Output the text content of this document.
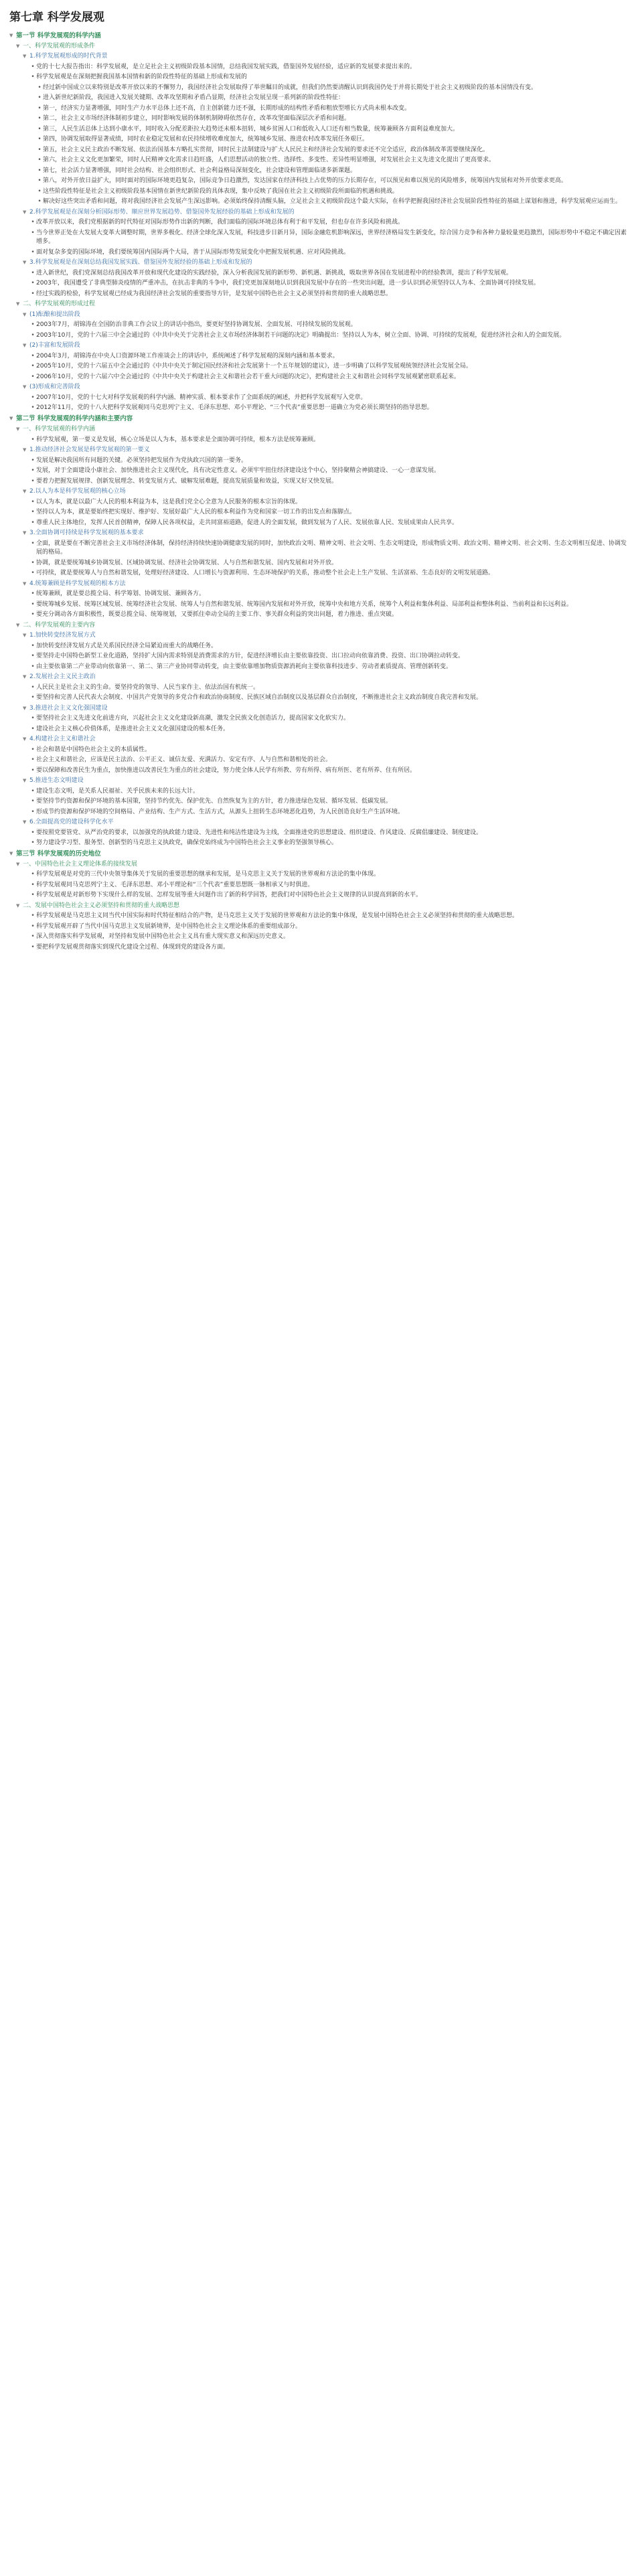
第七章 科学发展观
▼ 第一节 科学发展观的科学内涵
▼ 一、科学发展观的形成条件
▼ 1.科学发展观形成的时代背景
• 党的十七大报告指出：科学发展观，是立足社会主义初级阶段基本国情，总结我国发展实践，借鉴国外发展经验，适应新的发展要求提出来的。
• 科学发展观是在深刻把握我国基本国情和新的阶段性特征的基础上形成和发展的
• 经过新中国成立以来特别是改革开放以来的不懈努力，我国经济社会发展取得了举世瞩目的成就，但我们仍然要清醒认识到我国仍处于并将长期处于社会主义初级阶段的基本国情没有变。
• 进入新世纪新阶段，我国进入发展关键期、改革攻坚期和矛盾凸显期，经济社会发展呈现一系列新的阶段性特征：
• 第一，经济实力显著增强，同时生产力水平总体上还不高，自主创新能力还不强，长期形成的结构性矛盾和粗放型增长方式尚未根本改变。
• 第二，社会主义市场经济体制初步建立，同时影响发展的体制机制障碍依然存在，改革攻坚面临深层次矛盾和问题。
• 第三，人民生活总体上达到小康水平，同时收入分配差距拉大趋势还未根本扭转，城乡贫困人口和低收入人口还有相当数量，统筹兼顾各方面利益难度加大。
• 第四，协调发展取得显著成绩，同时农业稳定发展和农民持续增收难度加大，统筹城乡发展、推进农村改革发展任务艰巨。
• 第五，社会主义民主政治不断发展、依法治国基本方略扎实贯彻，同时民主法制建设与扩大人民民主和经济社会发展的要求还不完全适应，政治体制改革需要继续深化。
• 第六，社会主义文化更加繁荣，同时人民精神文化需求日趋旺盛，人们思想活动的独立性、选择性、多变性、差异性明显增强，对发展社会主义先进文化提出了更高要求。
• 第七，社会活力显著增强，同时社会结构、社会组织形式、社会利益格局深刻变化，社会建设和管理面临诸多新课题。
• 第八，对外开放日益扩大，同时面对的国际环境更趋复杂，国际竞争日趋激烈，发达国家在经济科技上占优势的压力长期存在，可以预见和难以预见的风险增多，统筹国内发展和对外开放要求更高。
• 这些阶段性特征是社会主义初级阶段基本国情在新世纪新阶段的具体表现，集中反映了我国在社会主义初级阶段所面临的机遇和挑战。
• 解决好这些突出矛盾和问题，将对我国经济社会发展产生深远影响。必须始终保持清醒头脑，立足社会主义初级阶段这个最大实际，在科学把握我国经济社会发展阶段性特征的基础上谋划和推进，科学发展观应运而生。
▼ 2.科学发展观是在深刻分析国际形势、顺应世界发展趋势、借鉴国外发展经验的基础上形成和发展的
• 改革开放以来，我们党根据新的时代特征对国际形势作出新的判断，我们面临的国际环境总体有利于和平发展，但也存在许多风险和挑战。
• 当今世界正处在大发展大变革大调整时期，世界多极化、经济全球化深入发展，科技进步日新月异，国际金融危机影响深远，世界经济格局发生新变化，综合国力竞争和各种力量较量更趋激烈，国际形势中不稳定不确定因素增多。
• 面对复杂多变的国际环境，我们要统筹国内国际两个大局，善于从国际形势发展变化中把握发展机遇、应对风险挑战。
▼ 3.科学发展观是在深刻总结我国发展实践、借鉴国外发展经验的基础上形成和发展的
• 进入新世纪，我们党深刻总结我国改革开放和现代化建设的实践经验，深入分析我国发展的新形势、新机遇、新挑战，吸取世界各国在发展进程中的经验教训，提出了科学发展观。
• 2003年，我国遭受了非典型肺炎疫情的严重冲击，在抗击非典的斗争中，我们党更加深刻地认识到我国发展中存在的一些突出问题，进一步认识到必须坚持以人为本、全面协调可持续发展。
• 经过实践的检验，科学发展观已经成为我国经济社会发展的重要指导方针，是发展中国特色社会主义必须坚持和贯彻的重大战略思想。
▼ 二、科学发展观的形成过程
▼ (1)酝酿和提出阶段
• 2003年7月，胡锦涛在全国防治非典工作会议上的讲话中指出，要更好坚持协调发展、全面发展、可持续发展的发展观。
• 2003年10月，党的十六届三中全会通过的《中共中央关于完善社会主义市场经济体制若干问题的决定》明确提出：坚持以人为本，树立全面、协调、可持续的发展观，促进经济社会和人的全面发展。
▼ (2)丰富和发展阶段
• 2004年3月，胡锦涛在中央人口资源环境工作座谈会上的讲话中，系统阐述了科学发展观的深刻内涵和基本要求。
• 2005年10月，党的十六届五中全会通过的《中共中央关于制定国民经济和社会发展第十一个五年规划的建议》，进一步明确了以科学发展观统领经济社会发展全局。
• 2006年10月，党的十六届六中全会通过的《中共中央关于构建社会主义和谐社会若干重大问题的决定》，把构建社会主义和谐社会同科学发展观紧密联系起来。
▼ (3)形成和完善阶段
• 2007年10月，党的十七大对科学发展观的科学内涵、精神实质、根本要求作了全面系统的阐述，并把科学发展观写入党章。
• 2012年11月，党的十八大把科学发展观同马克思列宁主义、毛泽东思想、邓小平理论、“三个代表”重要思想一道确立为党必须长期坚持的指导思想。
▼ 第二节 科学发展观的科学内涵和主要内容
▼ 一、科学发展观的科学内涵
• 科学发展观，第一要义是发展，核心立场是以人为本，基本要求是全面协调可持续，根本方法是统筹兼顾。
▼ 1.推动经济社会发展是科学发展观的第一要义
• 发展是解决我国所有问题的关键。必须坚持把发展作为党执政兴国的第一要务。
• 发展，对于全面建设小康社会、加快推进社会主义现代化，具有决定性意义。必须牢牢扭住经济建设这个中心，坚持聚精会神搞建设、一心一意谋发展。
• 要着力把握发展规律、创新发展理念、转变发展方式、破解发展难题，提高发展质量和效益，实现又好又快发展。
▼ 2.以人为本是科学发展观的核心立场
• 以人为本，就是以最广大人民的根本利益为本，这是我们党全心全意为人民服务的根本宗旨的体现。
• 坚持以人为本，就是要始终把实现好、维护好、发展好最广大人民的根本利益作为党和国家一切工作的出发点和落脚点。
• 尊重人民主体地位，发挥人民首创精神，保障人民各项权益，走共同富裕道路，促进人的全面发展，做到发展为了人民、发展依靠人民、发展成果由人民共享。
▼ 3.全面协调可持续是科学发展观的基本要求
• 全面，就是要在不断完善社会主义市场经济体制，保持经济持续快速协调健康发展的同时，加快政治文明、精神文明、社会文明、生态文明建设，形成物质文明、政治文明、精神文明、社会文明、生态文明相互促进、协调发展的格局。
• 协调，就是要统筹城乡协调发展、区域协调发展、经济社会协调发展、人与自然和谐发展、国内发展和对外开放。
• 可持续，就是要统筹人与自然和谐发展，处理好经济建设、人口增长与资源利用、生态环境保护的关系，推动整个社会走上生产发展、生活富裕、生态良好的文明发展道路。
▼ 4.统筹兼顾是科学发展观的根本方法
• 统筹兼顾，就是要总揽全局、科学筹划、协调发展、兼顾各方。
• 要统筹城乡发展、统筹区域发展、统筹经济社会发展、统筹人与自然和谐发展、统筹国内发展和对外开放，统筹中央和地方关系，统筹个人利益和集体利益、局部利益和整体利益、当前利益和长远利益。
• 要充分调动各方面积极性，既要总揽全局、统筹规划，又要抓住牵动全局的主要工作、事关群众利益的突出问题，着力推进、重点突破。
▼ 二、科学发展观的主要内容
▼ 1.加快转变经济发展方式
• 加快转变经济发展方式是关系国民经济全局紧迫而重大的战略任务。
• 要坚持走中国特色新型工业化道路，坚持扩大国内需求特别是消费需求的方针，促进经济增长由主要依靠投资、出口拉动向依靠消费、投资、出口协调拉动转变。
• 由主要依靠第二产业带动向依靠第一、第二、第三产业协同带动转变，由主要依靠增加物质资源消耗向主要依靠科技进步、劳动者素质提高、管理创新转变。
▼ 2.发展社会主义民主政治
• 人民民主是社会主义的生命。要坚持党的领导、人民当家作主、依法治国有机统一。
• 要坚持和完善人民代表大会制度、中国共产党领导的多党合作和政治协商制度、民族区域自治制度以及基层群众自治制度，不断推进社会主义政治制度自我完善和发展。
▼ 3.推进社会主义文化强国建设
• 要坚持社会主义先进文化前进方向，兴起社会主义文化建设新高潮，激发全民族文化创造活力，提高国家文化软实力。
• 建设社会主义核心价值体系，是推进社会主义文化强国建设的根本任务。
▼ 4.构建社会主义和谐社会
• 社会和谐是中国特色社会主义的本质属性。
• 社会主义和谐社会，应该是民主法治、公平正义、诚信友爱、充满活力、安定有序、人与自然和谐相处的社会。
• 要以保障和改善民生为重点，加快推进以改善民生为重点的社会建设，努力使全体人民学有所教、劳有所得、病有所医、老有所养、住有所居。
▼ 5.推进生态文明建设
• 建设生态文明，是关系人民福祉、关乎民族未来的长远大计。
• 要坚持节约资源和保护环境的基本国策，坚持节约优先、保护优先、自然恢复为主的方针，着力推进绿色发展、循环发展、低碳发展。
• 形成节约资源和保护环境的空间格局、产业结构、生产方式、生活方式，从源头上扭转生态环境恶化趋势，为人民创造良好生产生活环境。
▼ 6.全面提高党的建设科学化水平
• 要按照党要管党、从严治党的要求，以加强党的执政能力建设、先进性和纯洁性建设为主线，全面推进党的思想建设、组织建设、作风建设、反腐倡廉建设、制度建设。
• 努力建设学习型、服务型、创新型的马克思主义执政党，确保党始终成为中国特色社会主义事业的坚强领导核心。
▼ 第三节 科学发展观的历史地位
▼ 一、中国特色社会主义理论体系的接续发展
• 科学发展观是对党的三代中央领导集体关于发展的重要思想的继承和发展，是马克思主义关于发展的世界观和方法论的集中体现。
• 科学发展观同马克思列宁主义、毛泽东思想、邓小平理论和“三个代表”重要思想既一脉相承又与时俱进。
• 科学发展观是对新形势下实现什么样的发展、怎样发展等重大问题作出了新的科学回答，把我们对中国特色社会主义规律的认识提高到新的水平。
▼ 二、发展中国特色社会主义必须坚持和贯彻的重大战略思想
• 科学发展观是马克思主义同当代中国实际和时代特征相结合的产物，是马克思主义关于发展的世界观和方法论的集中体现，是发展中国特色社会主义必须坚持和贯彻的重大战略思想。
• 科学发展观开辟了当代中国马克思主义发展新境界，是中国特色社会主义理论体系的重要组成部分。
• 深入贯彻落实科学发展观，对坚持和发展中国特色社会主义具有重大现实意义和深远历史意义。
• 要把科学发展观贯彻落实到现代化建设全过程、体现到党的建设各方面。
